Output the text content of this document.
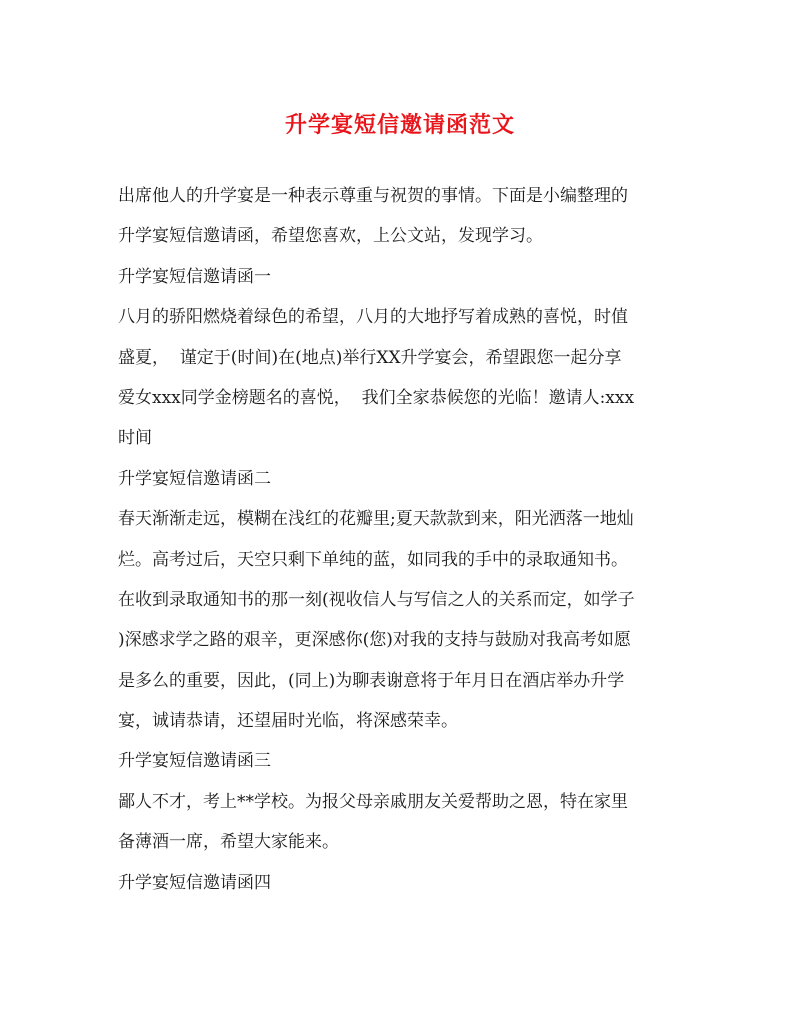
升学宴短信邀请函范文
出席他人的升学宴是一种表示尊重与祝贺的事情。下面是小编整理的
升学宴短信邀请函，希望您喜欢，上公文站，发现学习。
升学宴短信邀请函一
八月的骄阳燃烧着绿色的希望，八月的大地抒写着成熟的喜悦，时值
盛夏，  谨定于(时间)在(地点)举行XX升学宴会，希望跟您一起分享
爱女xxx同学金榜题名的喜悦，  我们全家恭候您的光临！邀请人:xxx
时间
升学宴短信邀请函二
春天渐渐走远，模糊在浅红的花瓣里;夏天款款到来，阳光洒落一地灿
烂。高考过后，天空只剩下单纯的蓝，如同我的手中的录取通知书。
在收到录取通知书的那一刻(视收信人与写信之人的关系而定，如学子
)深感求学之路的艰辛，更深感你(您)对我的支持与鼓励对我高考如愿
是多么的重要，因此，(同上)为聊表谢意将于年月日在酒店举办升学
宴，诚请恭请，还望届时光临，将深感荣幸。
升学宴短信邀请函三
鄙人不才，考上**学校。为报父母亲戚朋友关爱帮助之恩，特在家里
备薄酒一席，希望大家能来。
升学宴短信邀请函四
